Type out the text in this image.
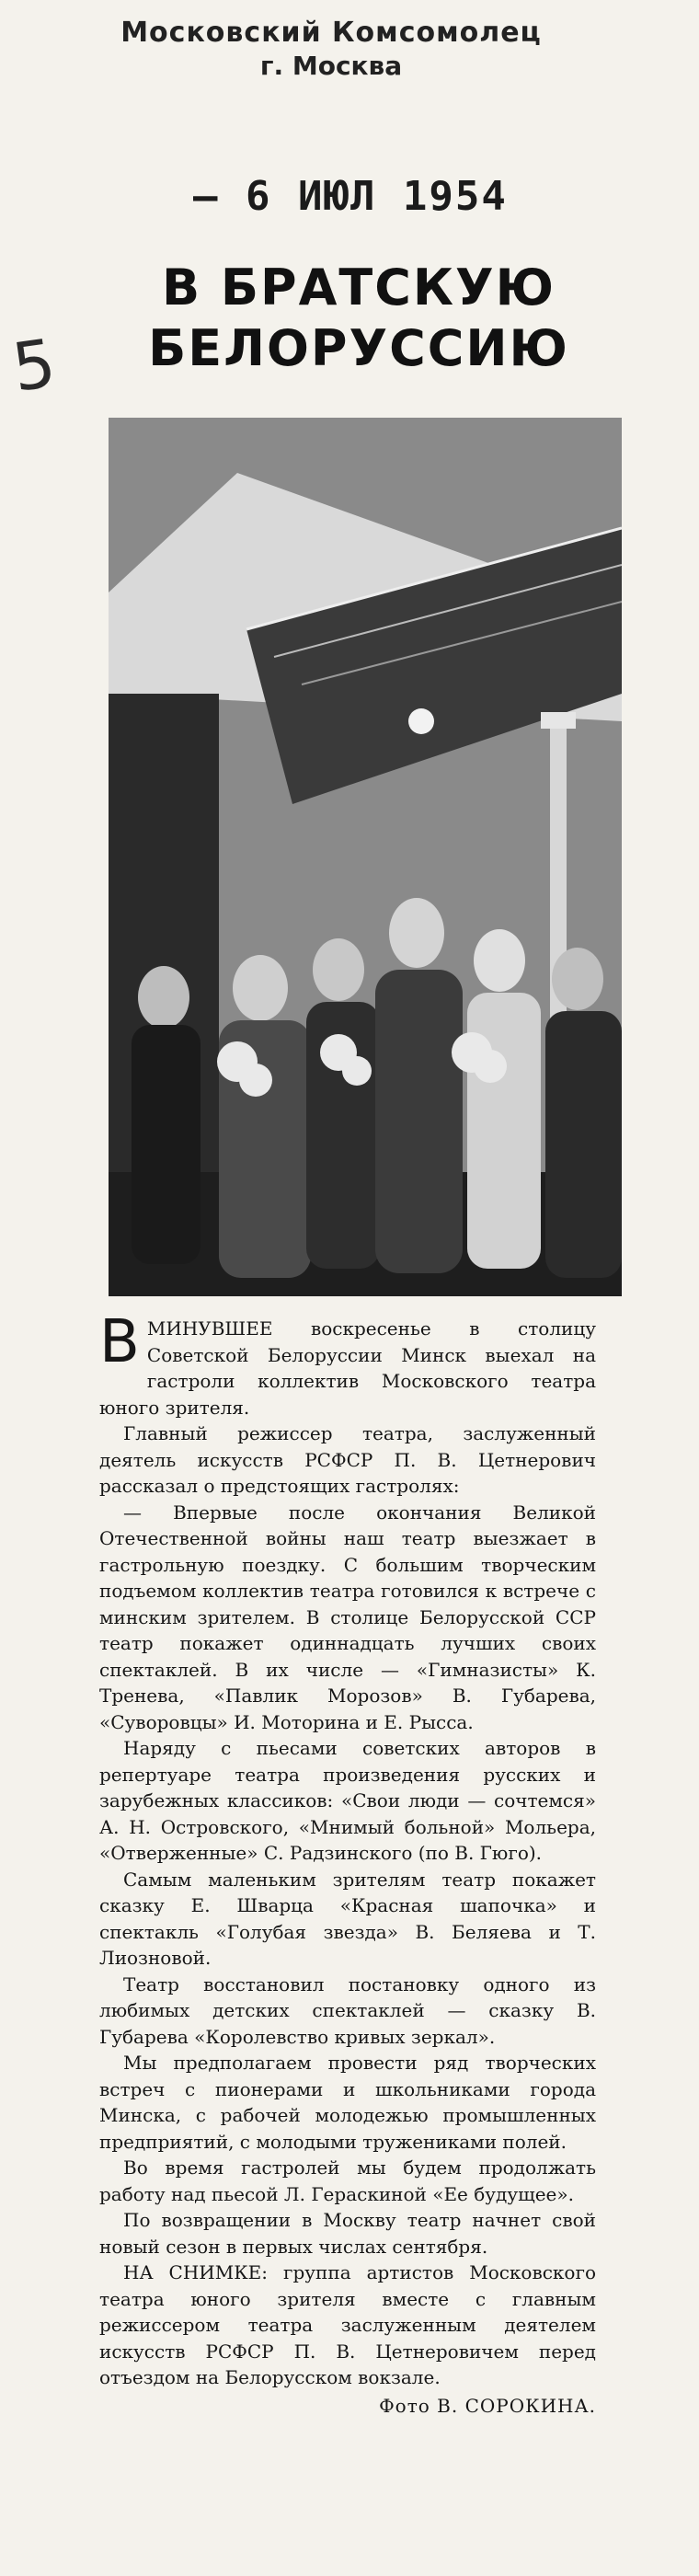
Московский Комсомолец
г. Москва
– 6 ИЮЛ 1954
5
В БРАТСКУЮ
БЕЛОРУССИЮ

ВМИНУВШЕЕ воскресенье в столицу Советской Белоруссии Минск выехал на гастроли коллектив Московского театра юного зрителя.

Главный режиссер театра, заслуженный деятель искусств РСФСР П. В. Цетнерович рассказал о предстоящих гастролях:

— Впервые после окончания Великой Отечественной войны наш театр выезжает в гастрольную поездку. С большим творческим подъемом коллектив театра готовился к встрече с минским зрителем. В столице Белорусской ССР театр покажет одиннадцать лучших своих спектаклей. В их числе — «Гимназисты» К. Тренева, «Павлик Морозов» В. Губарева, «Суворовцы» И. Моторина и Е. Рысса.

Наряду с пьесами советских авторов в репертуаре театра произведения русских и зарубежных классиков: «Свои люди — сочтемся» А. Н. Островского, «Мнимый больной» Мольера, «Отверженные» С. Радзинского (по В. Гюго).

Самым маленьким зрителям театр покажет сказку Е. Шварца «Красная шапочка» и спектакль «Голубая звезда» В. Беляева и Т. Лиозновой.

Театр восстановил постановку одного из любимых детских спектаклей — сказку В. Губарева «Королевство кривых зеркал».

Мы предполагаем провести ряд творческих встреч с пионерами и школьниками города Минска, с рабочей молодежью промышленных предприятий, с молодыми тружениками полей.

Во время гастролей мы будем продолжать работу над пьесой Л. Гераскиной «Ее будущее».

По возвращении в Москву театр начнет свой новый сезон в первых числах сентября.

НА СНИМКЕ: группа артистов Московского театра юного зрителя вместе с главным режиссером театра заслуженным деятелем искусств РСФСР П. В. Цетнеровичем перед отъездом на Белорусском вокзале.

Фото В. СОРОКИНА.
